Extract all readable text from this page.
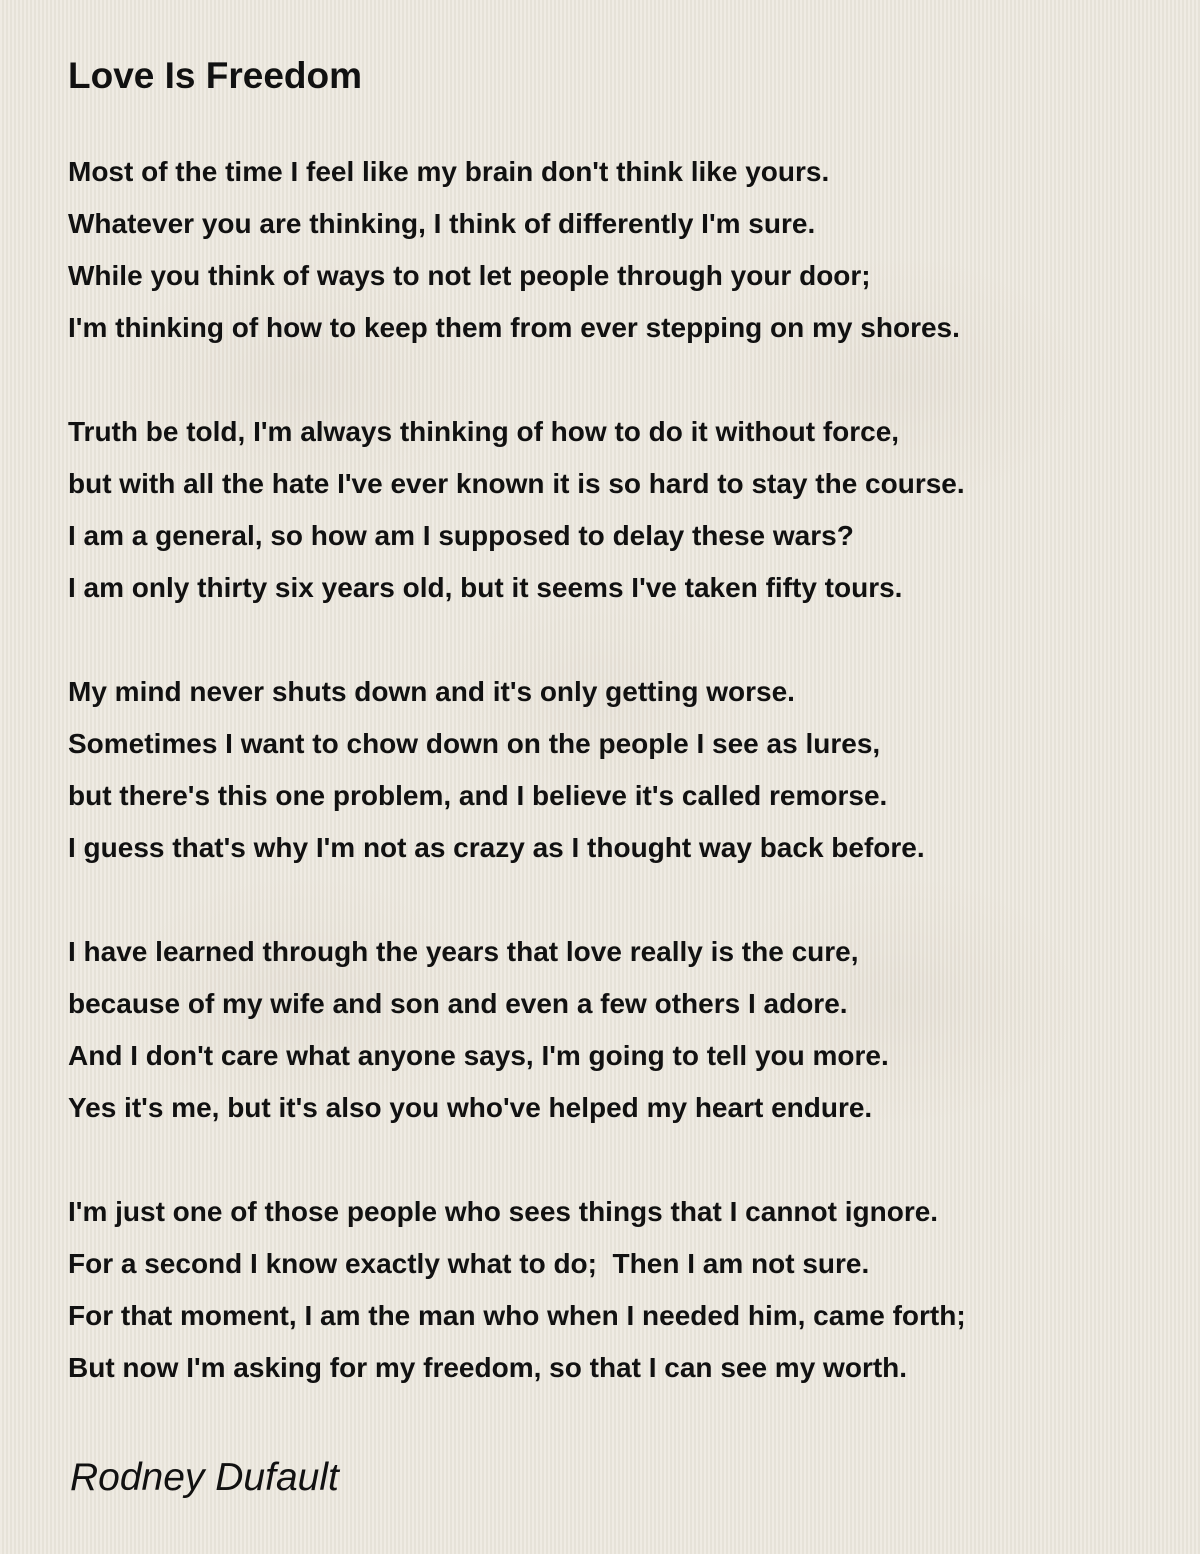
Love Is Freedom
Most of the time I feel like my brain don't think like yours.
Whatever you are thinking, I think of differently I'm sure.
While you think of ways to not let people through your door;
I'm thinking of how to keep them from ever stepping on my shores.
Truth be told, I'm always thinking of how to do it without force,
but with all the hate I've ever known it is so hard to stay the course.
I am a general, so how am I supposed to delay these wars?
I am only thirty six years old, but it seems I've taken fifty tours.
My mind never shuts down and it's only getting worse.
Sometimes I want to chow down on the people I see as lures,
but there's this one problem, and I believe it's called remorse.
I guess that's why I'm not as crazy as I thought way back before.
I have learned through the years that love really is the cure,
because of my wife and son and even a few others I adore.
And I don't care what anyone says, I'm going to tell you more.
Yes it's me, but it's also you who've helped my heart endure.
I'm just one of those people who sees things that I cannot ignore.
For a second I know exactly what to do;  Then I am not sure.
For that moment, I am the man who when I needed him, came forth;
But now I'm asking for my freedom, so that I can see my worth.

Rodney Dufault
